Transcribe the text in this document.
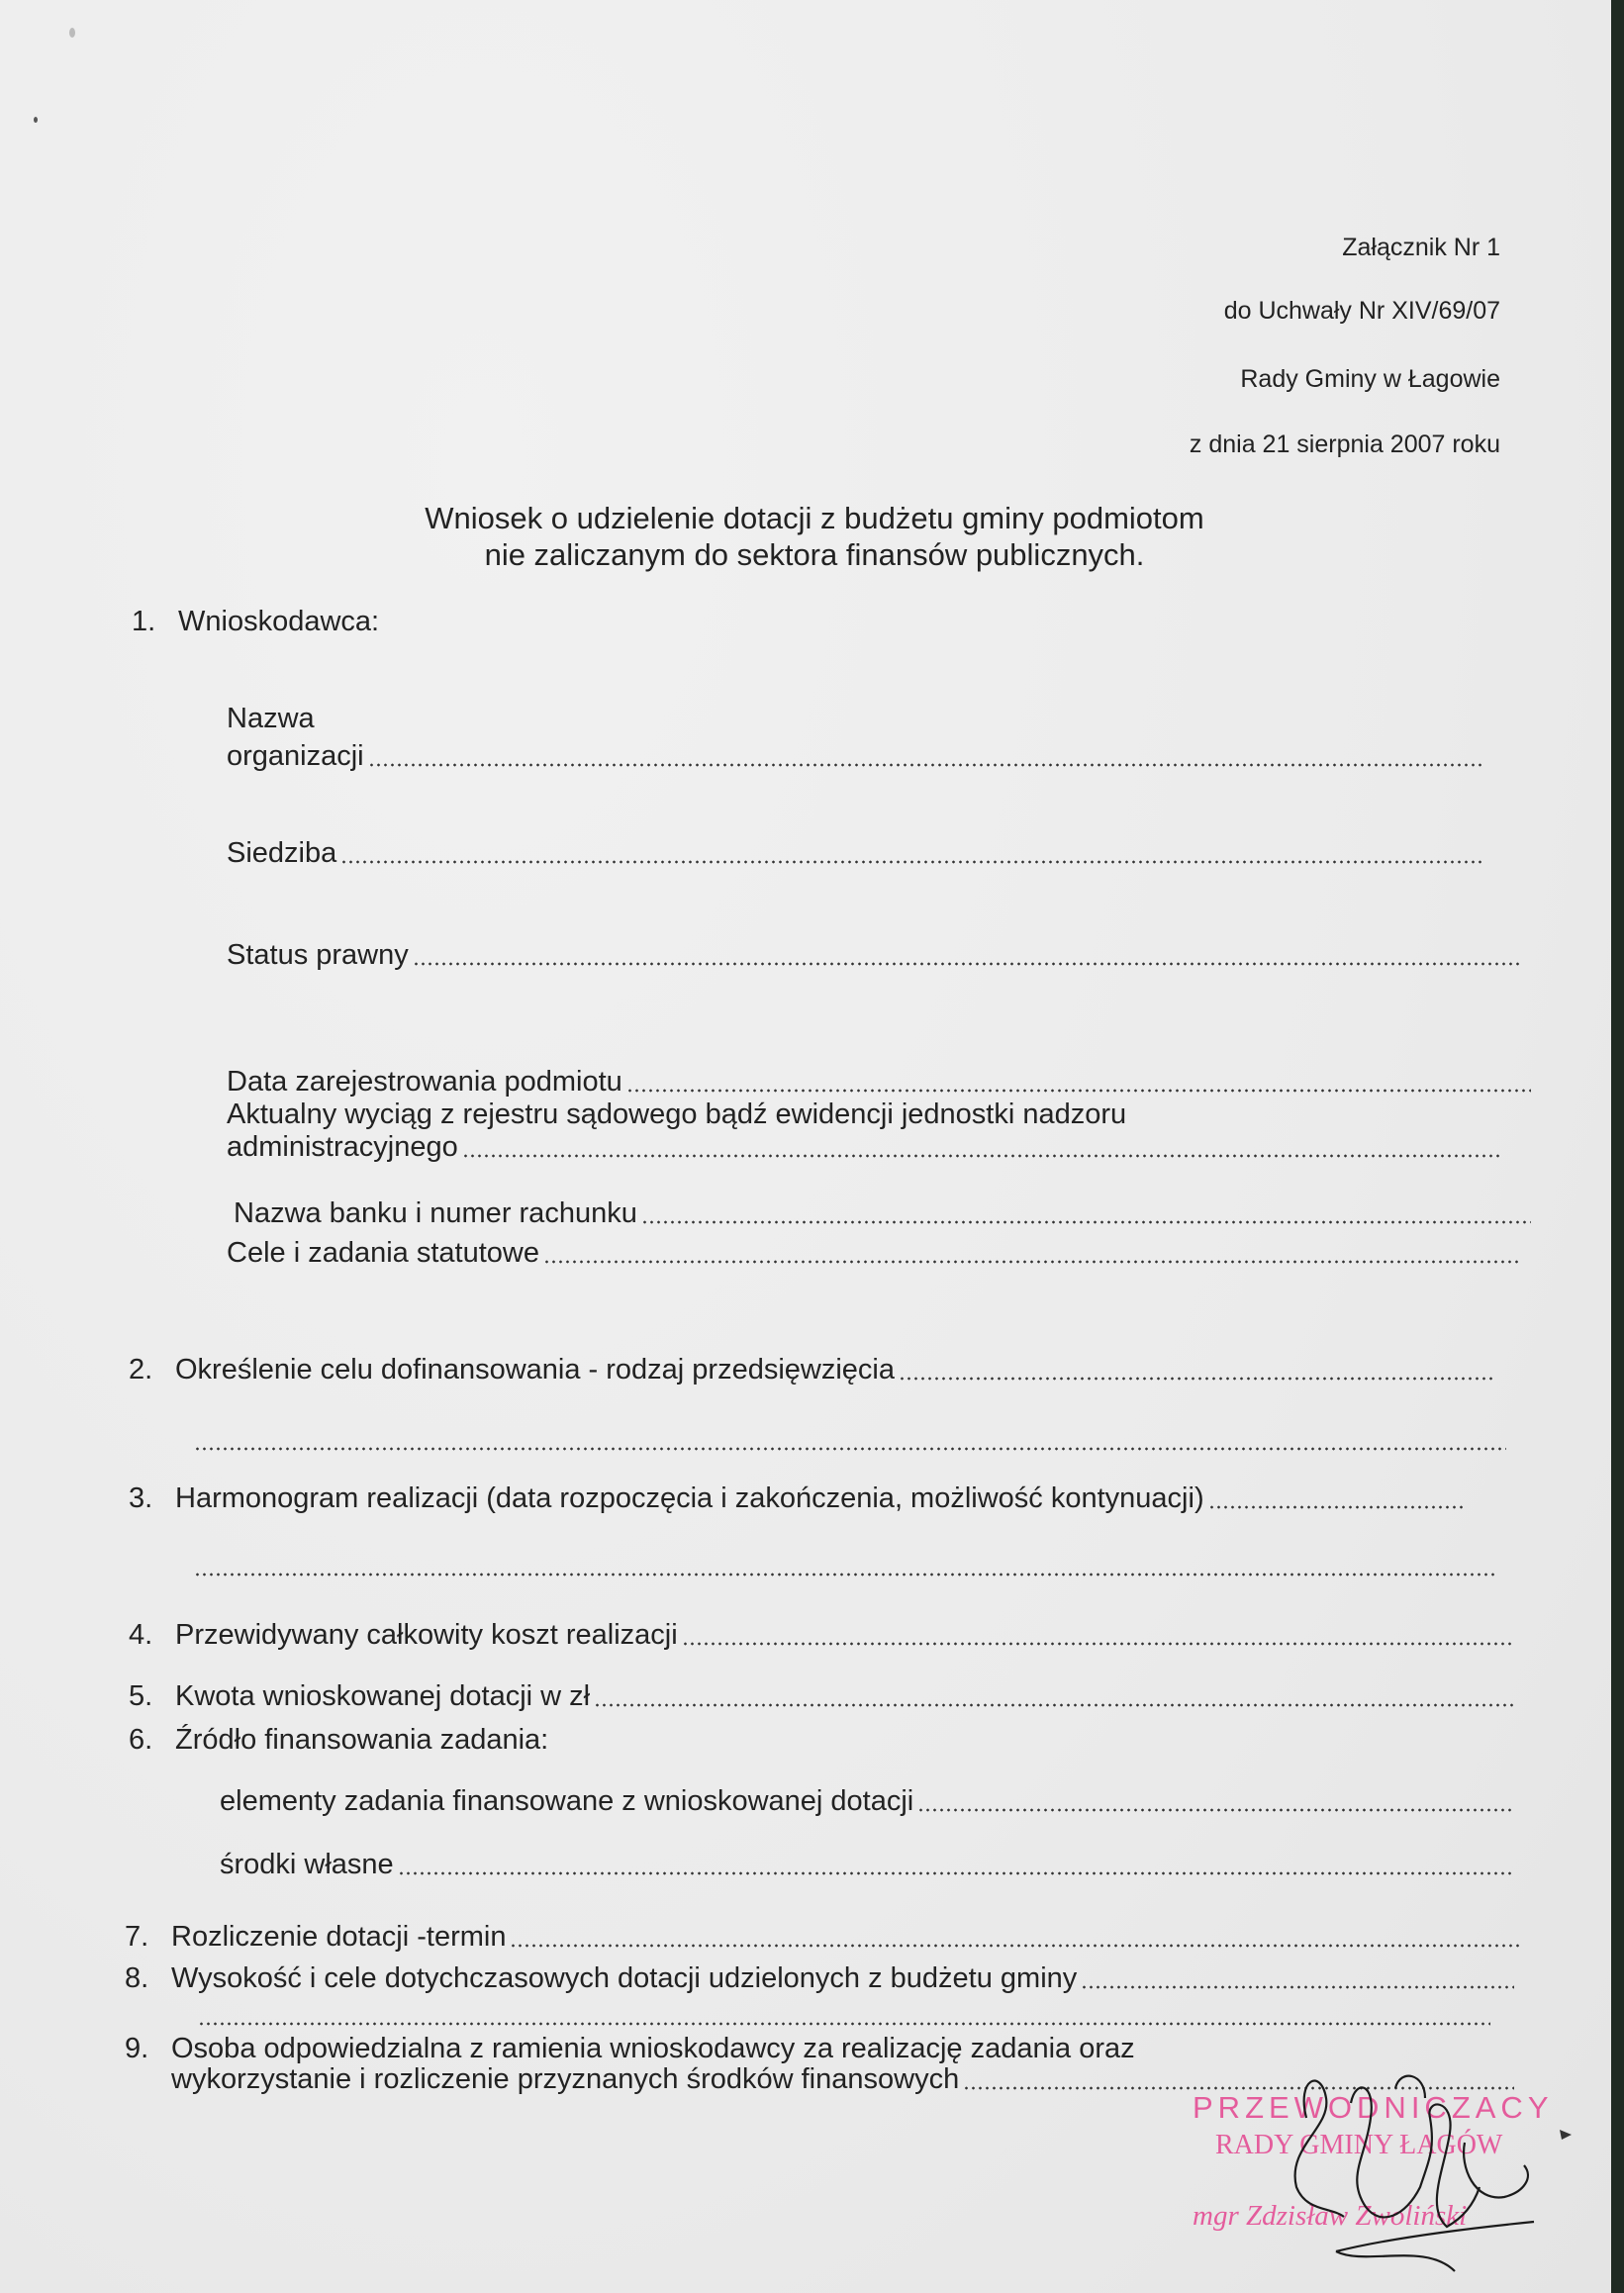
Załącznik Nr 1
do Uchwały Nr XIV/69/07
Rady Gminy w Łagowie
z dnia 21 sierpnia 2007 roku
Wniosek o udzielenie dotacji z budżetu gminy podmiotom
nie zaliczanym do sektora finansów publicznych.
1. Wnioskodawca:
Nazwa
organizacji
Siedziba
Status prawny
Data zarejestrowania podmiotu
Aktualny wyciąg z rejestru sądowego bądź ewidencji jednostki nadzoru
administracyjnego
Nazwa banku i numer rachunku
Cele i zadania statutowe
2. Określenie celu dofinansowania - rodzaj przedsięwzięcia
3. Harmonogram realizacji (data rozpoczęcia i zakończenia, możliwość kontynuacji)
4. Przewidywany całkowity koszt realizacji
5. Kwota wnioskowanej dotacji w zł
6. Źródło finansowania zadania:
elementy zadania finansowane z wnioskowanej dotacji
środki własne
7. Rozliczenie dotacji -termin
8. Wysokość i cele dotychczasowych dotacji udzielonych z budżetu gminy
9. Osoba odpowiedzialna z ramienia wnioskodawcy za realizację zadania oraz
wykorzystanie i rozliczenie przyznanych środków finansowych
PRZEWODNICZACY
RADY GMINY ŁAGÓW
mgr Zdzisław Zwoliński
